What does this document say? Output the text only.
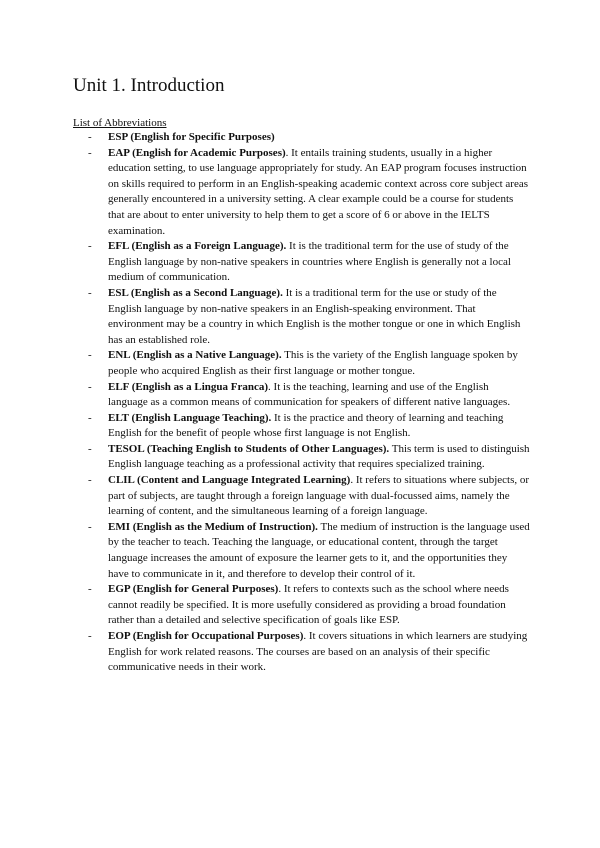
Unit 1. Introduction
List of Abbreviations
- ESP (English for Specific Purposes)
- EAP (English for Academic Purposes). It entails training students, usually in a higher education setting, to use language appropriately for study. An EAP program focuses instruction on skills required to perform in an English-speaking academic context across core subject areas generally encountered in a university setting. A clear example could be a course for students that are about to enter university to help them to get a score of 6 or above in the IELTS examination.
- EFL (English as a Foreign Language). It is the traditional term for the use of study of the English language by non-native speakers in countries where English is generally not a local medium of communication.
- ESL (English as a Second Language). It is a traditional term for the use or study of the English language by non-native speakers in an English-speaking environment. That environment may be a country in which English is the mother tongue or one in which English has an established role.
- ENL (English as a Native Language). This is the variety of the English language spoken by people who acquired English as their first language or mother tongue.
- ELF (English as a Lingua Franca). It is the teaching, learning and use of the English language as a common means of communication for speakers of different native languages.
- ELT (English Language Teaching). It is the practice and theory of learning and teaching English for the benefit of people whose first language is not English.
- TESOL (Teaching English to Students of Other Languages). This term is used to distinguish English language teaching as a professional activity that requires specialized training.
- CLIL (Content and Language Integrated Learning). It refers to situations where subjects, or part of subjects, are taught through a foreign language with dual-focussed aims, namely the learning of content, and the simultaneous learning of a foreign language.
- EMI (English as the Medium of Instruction). The medium of instruction is the language used by the teacher to teach. Teaching the language, or educational content, through the target language increases the amount of exposure the learner gets to it, and the opportunities they have to communicate in it, and therefore to develop their control of it.
- EGP (English for General Purposes). It refers to contexts such as the school where needs cannot readily be specified. It is more usefully considered as providing a broad foundation rather than a detailed and selective specification of goals like ESP.
- EOP (English for Occupational Purposes). It covers situations in which learners are studying English for work related reasons. The courses are based on an analysis of their specific communicative needs in their work.
